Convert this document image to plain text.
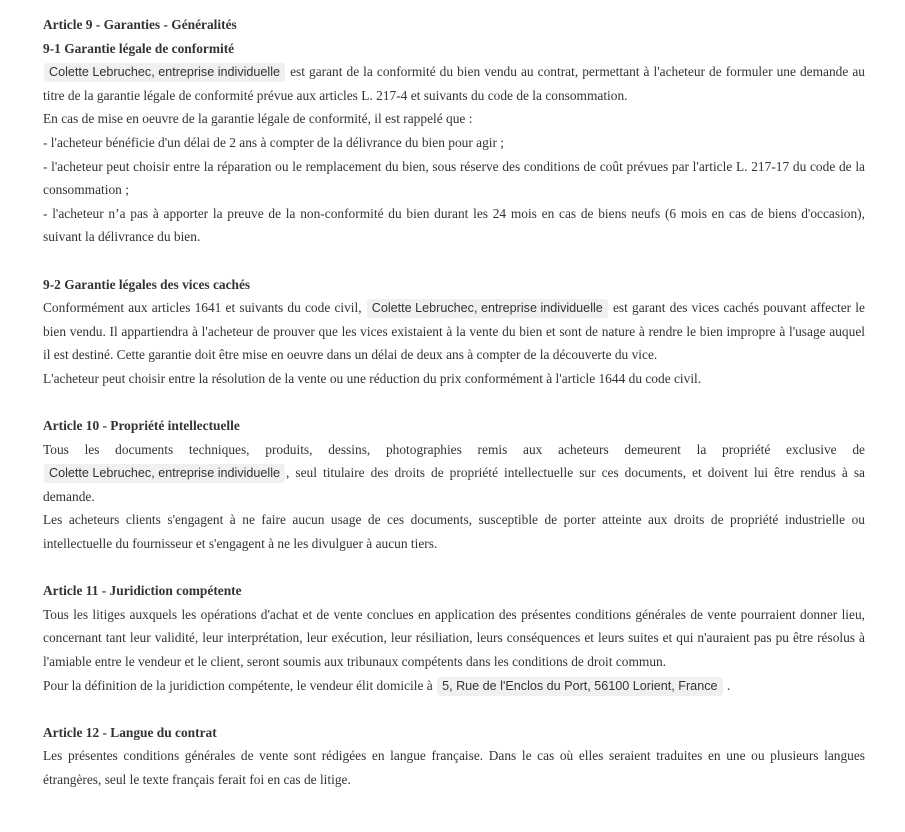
Article 9 - Garanties - Généralités

9-1 Garantie légale de conformité

Colette Lebruchec, entreprise individuelle est garant de la conformité du bien vendu au contrat, permettant à l'acheteur de formuler une demande au titre de la garantie légale de conformité prévue aux articles L. 217-4 et suivants du code de la consommation.

En cas de mise en oeuvre de la garantie légale de conformité, il est rappelé que :

- l'acheteur bénéficie d'un délai de 2 ans à compter de la délivrance du bien pour agir ;

- l'acheteur peut choisir entre la réparation ou le remplacement du bien, sous réserve des conditions de coût prévues par l'article L. 217-17 du code de la consommation ;

- l'acheteur n’a pas à apporter la preuve de la non-conformité du bien durant les 24 mois en cas de biens neufs (6 mois en cas de biens d'occasion), suivant la délivrance du bien.

9-2 Garantie légales des vices cachés

Conformément aux articles 1641 et suivants du code civil, Colette Lebruchec, entreprise individuelle est garant des vices cachés pouvant affecter le bien vendu. Il appartiendra à l'acheteur de prouver que les vices existaient à la vente du bien et sont de nature à rendre le bien impropre à l'usage auquel il est destiné. Cette garantie doit être mise en oeuvre dans un délai de deux ans à compter de la découverte du vice.

L'acheteur peut choisir entre la résolution de la vente ou une réduction du prix conformément à l'article 1644 du code civil.

Article 10 - Propriété intellectuelle

Tous les documents techniques, produits, dessins, photographies remis aux acheteurs demeurent la propriété exclusive de Colette Lebruchec, entreprise individuelle , seul titulaire des droits de propriété intellectuelle sur ces documents, et doivent lui être rendus à sa demande.

Les acheteurs clients s'engagent à ne faire aucun usage de ces documents, susceptible de porter atteinte aux droits de propriété industrielle ou intellectuelle du fournisseur et s'engagent à ne les divulguer à aucun tiers.

Article 11 - Juridiction compétente

Tous les litiges auxquels les opérations d'achat et de vente conclues en application des présentes conditions générales de vente pourraient donner lieu, concernant tant leur validité, leur interprétation, leur exécution, leur résiliation, leurs conséquences et leurs suites et qui n'auraient pas pu être résolus à l'amiable entre le vendeur et le client, seront soumis aux tribunaux compétents dans les conditions de droit commun.

Pour la définition de la juridiction compétente, le vendeur élit domicile à 5, Rue de l'Enclos du Port, 56100 Lorient, France .

Article 12 - Langue du contrat

Les présentes conditions générales de vente sont rédigées en langue française. Dans le cas où elles seraient traduites en une ou plusieurs langues étrangères, seul le texte français ferait foi en cas de litige.
